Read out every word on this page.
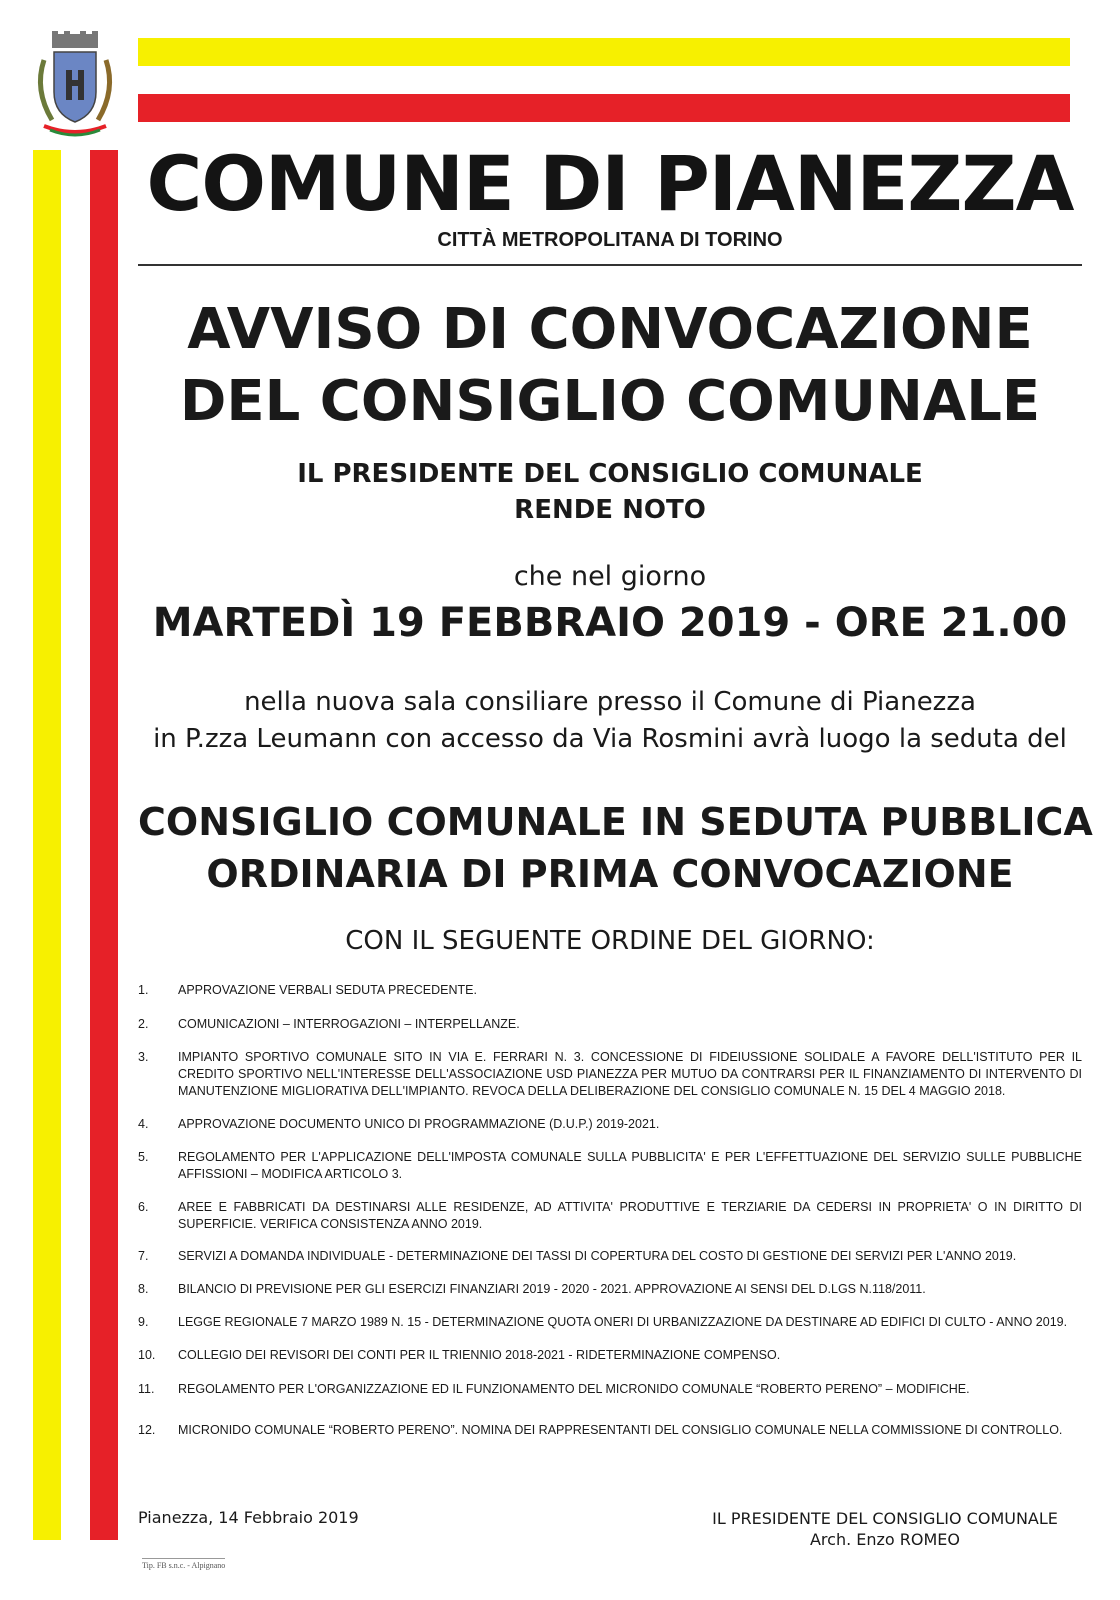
COMUNE DI PIANEZZA
CITTÀ METROPOLITANA DI TORINO
AVVISO DI CONVOCAZIONE
DEL CONSIGLIO COMUNALE
IL PRESIDENTE DEL CONSIGLIO COMUNALE
RENDE NOTO
che nel giorno
MARTEDÌ 19 FEBBRAIO 2019 - ORE 21.00
nella nuova sala consiliare presso il Comune di Pianezza
in P.zza Leumann con accesso da Via Rosmini avrà luogo la seduta del
CONSIGLIO COMUNALE IN SEDUTA PUBBLICA
ORDINARIA DI PRIMA CONVOCAZIONE
CON IL SEGUENTE ORDINE DEL GIORNO:
1.	APPROVAZIONE VERBALI SEDUTA PRECEDENTE.
2.	COMUNICAZIONI – INTERROGAZIONI – INTERPELLANZE.
3.	IMPIANTO SPORTIVO COMUNALE SITO IN VIA E. FERRARI N. 3. CONCESSIONE DI FIDEIUSSIONE SOLIDALE A FAVORE DELL'ISTITUTO PER IL CREDITO SPORTIVO NELL'INTERESSE DELL'ASSOCIAZIONE USD PIANEZZA PER MUTUO DA CONTRARSI PER IL FINANZIAMENTO DI INTERVENTO DI MANUTENZIONE MIGLIORATIVA DELL'IMPIANTO. REVOCA DELLA DELIBERAZIONE DEL CONSIGLIO COMUNALE N. 15 DEL 4 MAGGIO 2018.
4.	APPROVAZIONE DOCUMENTO UNICO DI PROGRAMMAZIONE (D.U.P.) 2019-2021.
5.	REGOLAMENTO PER L'APPLICAZIONE DELL'IMPOSTA COMUNALE SULLA PUBBLICITA' E PER L'EFFETTUAZIONE DEL SERVIZIO SULLE PUBBLICHE AFFISSIONI – MODIFICA ARTICOLO 3.
6.	AREE E FABBRICATI DA DESTINARSI ALLE RESIDENZE, AD ATTIVITA' PRODUTTIVE E TERZIARIE DA CEDERSI IN PROPRIETA' O IN DIRITTO DI SUPERFICIE. VERIFICA CONSISTENZA ANNO 2019.
7.	SERVIZI A DOMANDA INDIVIDUALE - DETERMINAZIONE DEI TASSI DI COPERTURA DEL COSTO DI GESTIONE DEI SERVIZI PER L'ANNO 2019.
8.	BILANCIO DI PREVISIONE PER GLI ESERCIZI FINANZIARI 2019 - 2020 - 2021. APPROVAZIONE AI SENSI DEL D.LGS N.118/2011.
9.	LEGGE REGIONALE 7 MARZO 1989 N. 15 - DETERMINAZIONE QUOTA ONERI DI URBANIZZAZIONE DA DESTINARE AD EDIFICI DI CULTO - ANNO 2019.
10.	COLLEGIO DEI REVISORI DEI CONTI PER IL TRIENNIO 2018-2021 - RIDETERMINAZIONE COMPENSO.
11.	REGOLAMENTO PER L'ORGANIZZAZIONE ED IL FUNZIONAMENTO DEL MICRONIDO COMUNALE “ROBERTO PERENO” – MODIFICHE.
12.	MICRONIDO COMUNALE “ROBERTO PERENO”. NOMINA DEI RAPPRESENTANTI DEL CONSIGLIO COMUNALE NELLA COMMISSIONE DI CONTROLLO.
Pianezza, 14 Febbraio 2019	IL PRESIDENTE DEL CONSIGLIO COMUNALE
Arch. Enzo ROMEO
Tip. FB s.n.c. - Alpignano
